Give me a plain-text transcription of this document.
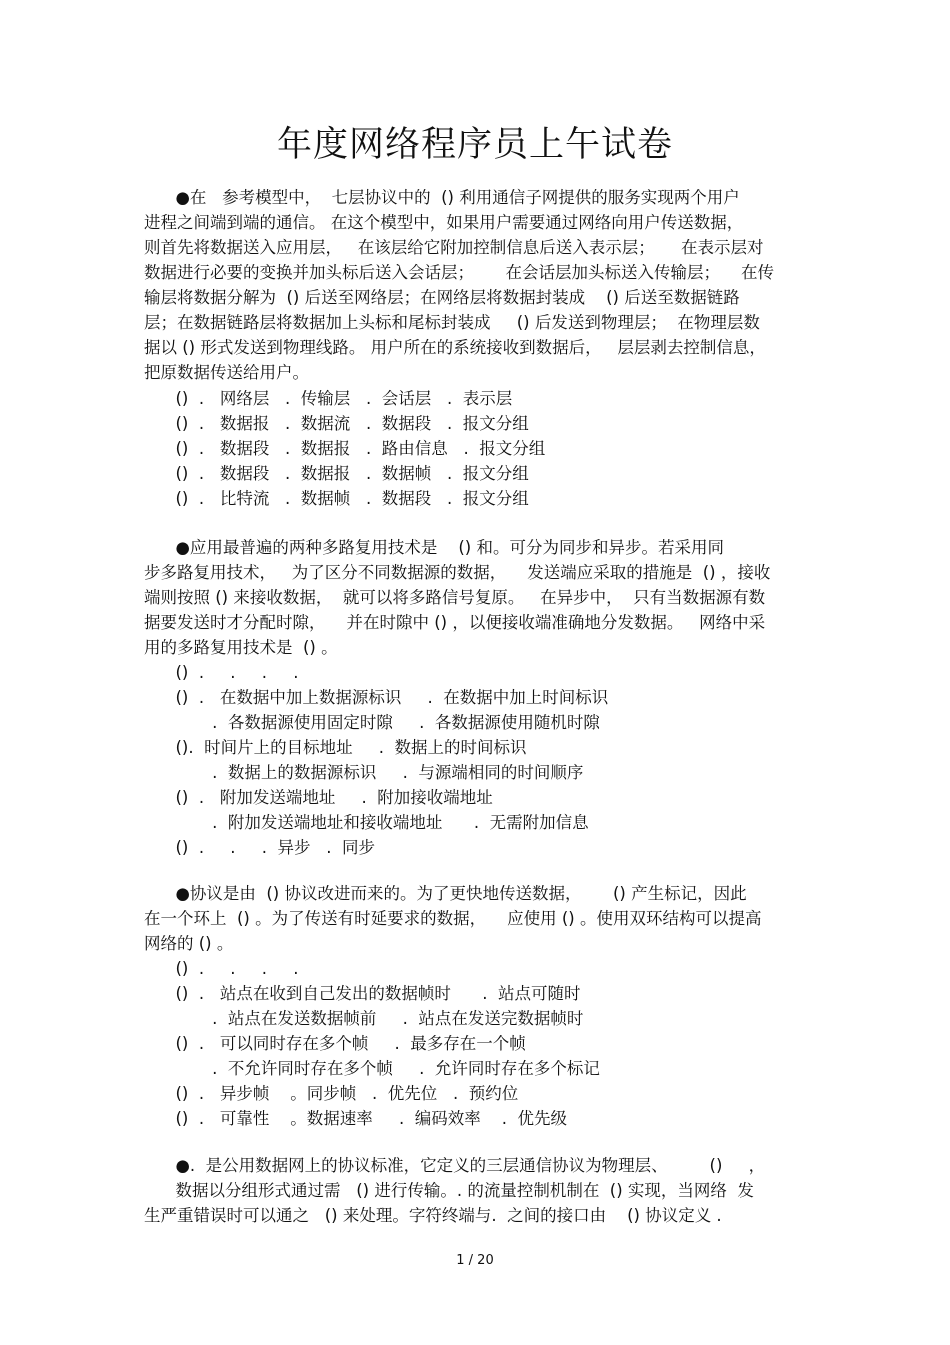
年度网络程序员上午试卷
●在   参考模型中，  七层协议中的  () 利用通信子网提供的服务实现两个用户
进程之间端到端的通信。 在这个模型中，如果用户需要通过网络向用户传送数据，
则首先将数据送入应用层，   在该层给它附加控制信息后送入表示层；     在表示层对
数据进行必要的变换并加头标后送入会话层；      在会话层加头标送入传输层；    在传
输层将数据分解为  () 后送至网络层；在网络层将数据封装成    () 后送至数据链路
层；在数据链路层将数据加上头标和尾标封装成     () 后发送到物理层；  在物理层数
据以 () 形式发送到物理线路。 用户所在的系统接收到数据后，   层层剥去控制信息，
把原数据传送给用户。
()  .   网络层   .  传输层   .  会话层   .  表示层
()  .   数据报   .  数据流   .  数据段   .  报文分组
()  .   数据段   .  数据报   .  路由信息   .  报文分组
()  .   数据段   .  数据报   .  数据帧   .  报文分组
()  .   比特流   .  数据帧   .  数据段   .  报文分组
●应用最普遍的两种多路复用技术是    () 和。可分为同步和异步。若采用同
步多路复用技术，   为了区分不同数据源的数据，    发送端应采取的措施是  () ，接收
端则按照 () 来接收数据，  就可以将多路信号复原。   在异步中，  只有当数据源有数
据要发送时才分配时隙，    并在时隙中 () ，以便接收端准确地分发数据。   网络中采
用的多路复用技术是  () 。
()  .     .     .     .
()  .   在数据中加上数据源标识     .  在数据中加上时间标识
.  各数据源使用固定时隙     .  各数据源使用随机时隙
().  时间片上的目标地址     .  数据上的时间标识
.  数据上的数据源标识     .  与源端相同的时间顺序
()  .   附加发送端地址     .  附加接收端地址
.  附加发送端地址和接收端地址      .  无需附加信息
()  .     .     .  异步   .  同步
●协议是由  () 协议改进而来的。为了更快地传送数据，      () 产生标记，因此
在一个环上  () 。为了传送有时延要求的数据，    应使用 () 。使用双环结构可以提高
网络的 () 。
()  .     .     .     .
()  .   站点在收到自己发出的数据帧时      .  站点可随时
.  站点在发送数据帧前     .  站点在发送完数据帧时
()  .   可以同时存在多个帧     .  最多存在一个帧
.  不允许同时存在多个帧     .  允许同时存在多个标记
()  .   异步帧    。同步帧   .  优先位   .  预约位
()  .   可靠性    。数据速率     .  编码效率    .  优先级
●.  是公用数据网上的协议标准，它定义的三层通信协议为物理层、        ()     ，
数据以分组形式通过需   () 进行传输。. 的流量控制机制在  () 实现，当网络  发
生严重错误时可以通之   () 来处理。字符终端与.  之间的接口由    () 协议定义 .
1 / 20
